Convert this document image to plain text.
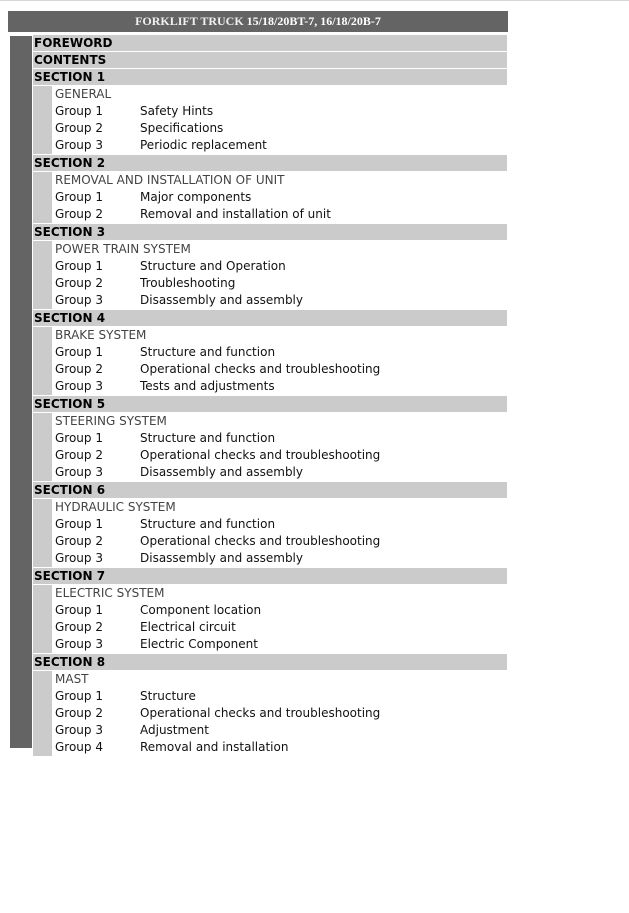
FORKLIFT TRUCK 15/18/20BT-7, 16/18/20B-7
FOREWORD
CONTENTS
SECTION 1
GENERAL
Group 1	Safety Hints
Group 2	Specifications
Group 3	Periodic replacement
SECTION 2
REMOVAL AND INSTALLATION OF UNIT
Group 1	Major components
Group 2	Removal and installation of unit
SECTION 3
POWER TRAIN SYSTEM
Group 1	Structure and Operation
Group 2	Troubleshooting
Group 3	Disassembly and assembly
SECTION 4
BRAKE SYSTEM
Group 1	Structure and function
Group 2	Operational checks and troubleshooting
Group 3	Tests and adjustments
SECTION 5
STEERING SYSTEM
Group 1	Structure and function
Group 2	Operational checks and troubleshooting
Group 3	Disassembly and assembly
SECTION 6
HYDRAULIC SYSTEM
Group 1	Structure and function
Group 2	Operational checks and troubleshooting
Group 3	Disassembly and assembly
SECTION 7
ELECTRIC SYSTEM
Group 1	Component location
Group 2	Electrical circuit
Group 3	Electric Component
SECTION 8
MAST
Group 1	Structure
Group 2	Operational checks and troubleshooting
Group 3	Adjustment
Group 4	Removal and installation
